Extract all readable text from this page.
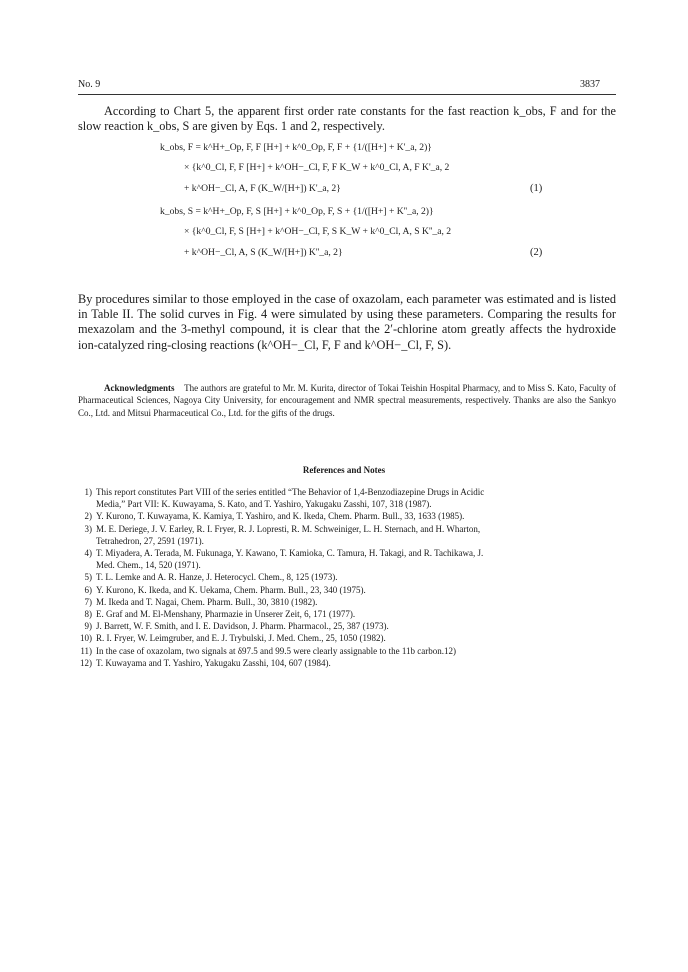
No. 9	3837
According to Chart 5, the apparent first order rate constants for the fast reaction k_obs, F and for the slow reaction k_obs, S are given by Eqs. 1 and 2, respectively.
k_obs, F = k^H+_Op, F, F [H+] + k^0_Op, F, F + {1/([H+] + K'_a, 2)}
× {k^0_Cl, F, F [H+] + k^OH−_Cl, F, F K_W + k^0_Cl, A, F K'_a, 2
+ k^OH−_Cl, A, F (K_W/[H+]) K'_a, 2}	(1)
k_obs, S = k^H+_Op, F, S [H+] + k^0_Op, F, S + {1/([H+] + K''_a, 2)}
× {k^0_Cl, F, S [H+] + k^OH−_Cl, F, S K_W + k^0_Cl, A, S K''_a, 2
+ k^OH−_Cl, A, S (K_W/[H+]) K''_a, 2}	(2)
By procedures similar to those employed in the case of oxazolam, each parameter was estimated and is listed in Table II. The solid curves in Fig. 4 were simulated by using these parameters. Comparing the results for mexazolam and the 3-methyl compound, it is clear that the 2′-chlorine atom greatly affects the hydroxide ion-catalyzed ring-closing reactions (k^OH−_Cl, F, F and k^OH−_Cl, F, S).
Acknowledgments The authors are grateful to Mr. M. Kurita, director of Tokai Teishin Hospital Pharmacy, and to Miss S. Kato, Faculty of Pharmaceutical Sciences, Nagoya City University, for encouragement and NMR spectral measurements, respectively. Thanks are also the Sankyo Co., Ltd. and Mitsui Pharmaceutical Co., Ltd. for the gifts of the drugs.
References and Notes
1) This report constitutes Part VIII of the series entitled “The Behavior of 1,4-Benzodiazepine Drugs in Acidic
Media,” Part VII: K. Kuwayama, S. Kato, and T. Yashiro, Yakugaku Zasshi, 107, 318 (1987).
2) Y. Kurono, T. Kuwayama, K. Kamiya, T. Yashiro, and K. Ikeda, Chem. Pharm. Bull., 33, 1633 (1985).
3) M. E. Deriege, J. V. Earley, R. I. Fryer, R. J. Lopresti, R. M. Schweiniger, L. H. Sternach, and H. Wharton,
Tetrahedron, 27, 2591 (1971).
4) T. Miyadera, A. Terada, M. Fukunaga, Y. Kawano, T. Kamioka, C. Tamura, H. Takagi, and R. Tachikawa, J.
Med. Chem., 14, 520 (1971).
5) T. L. Lemke and A. R. Hanze, J. Heterocycl. Chem., 8, 125 (1973).
6) Y. Kurono, K. Ikeda, and K. Uekama, Chem. Pharm. Bull., 23, 340 (1975).
7) M. Ikeda and T. Nagai, Chem. Pharm. Bull., 30, 3810 (1982).
8) E. Graf and M. El-Menshany, Pharmazie in Unserer Zeit, 6, 171 (1977).
9) J. Barrett, W. F. Smith, and I. E. Davidson, J. Pharm. Pharmacol., 25, 387 (1973).
10) R. I. Fryer, W. Leimgruber, and E. J. Trybulski, J. Med. Chem., 25, 1050 (1982).
11) In the case of oxazolam, two signals at δ97.5 and 99.5 were clearly assignable to the 11b carbon.12)
12) T. Kuwayama and T. Yashiro, Yakugaku Zasshi, 104, 607 (1984).
